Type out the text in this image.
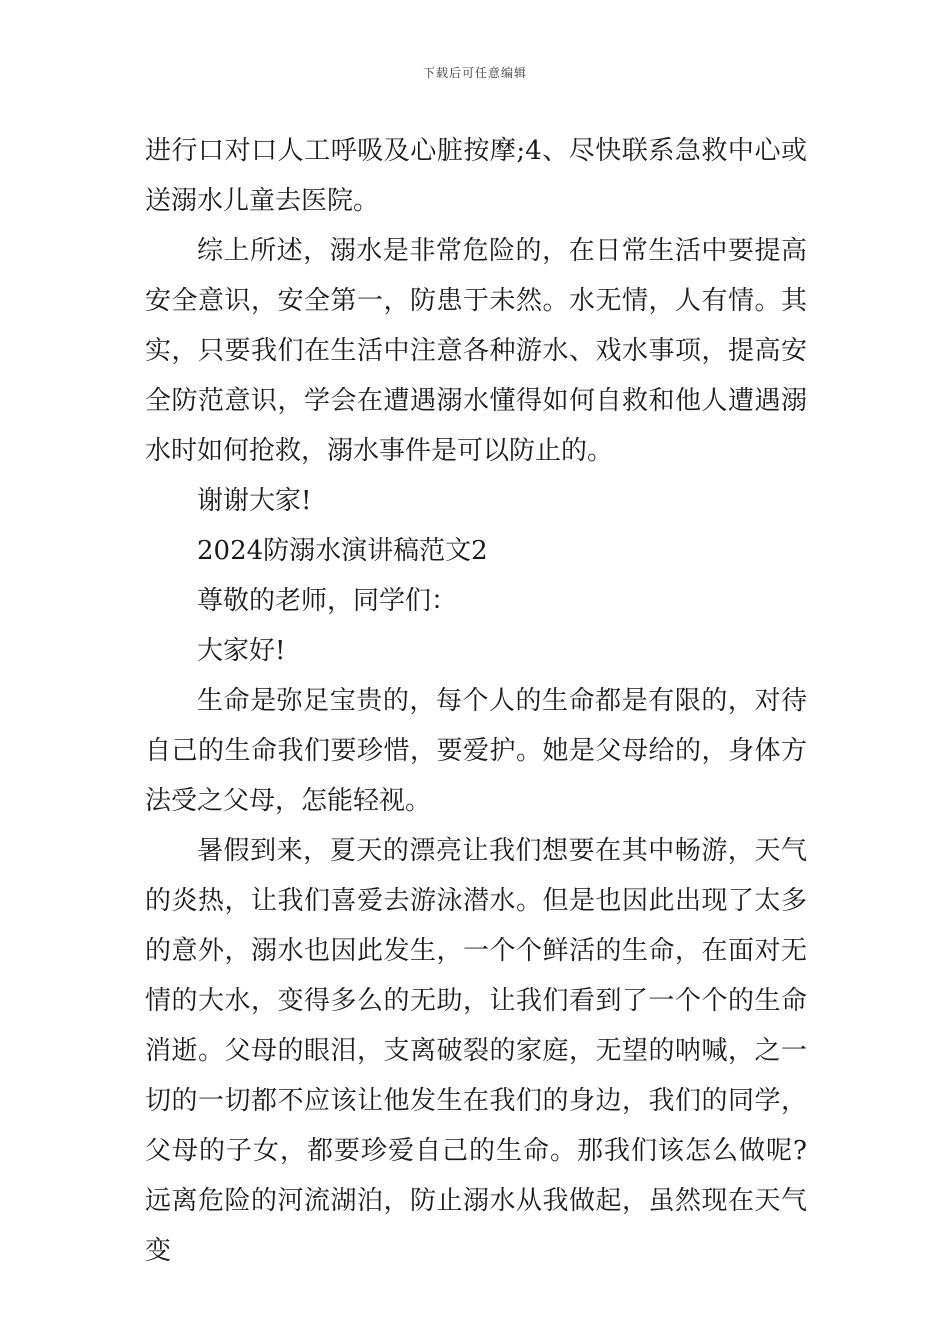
下载后可任意编辑

进行口对口人工呼吸及心脏按摩;4、尽快联系急救中心或送溺水儿童去医院。

综上所述，溺水是非常危险的，在日常生活中要提高安全意识，安全第一，防患于未然。水无情，人有情。其实，只要我们在生活中注意各种游水、戏水事项，提高安全防范意识，学会在遭遇溺水懂得如何自救和他人遭遇溺水时如何抢救，溺水事件是可以防止的。

谢谢大家!

2024防溺水演讲稿范文2

尊敬的老师，同学们：

大家好!

生命是弥足宝贵的，每个人的生命都是有限的，对待自己的生命我们要珍惜，要爱护。她是父母给的，身体方法受之父母，怎能轻视。

暑假到来，夏天的漂亮让我们想要在其中畅游，天气的炎热，让我们喜爱去游泳潜水。但是也因此出现了太多的意外，溺水也因此发生，一个个鲜活的生命，在面对无情的大水，变得多么的无助，让我们看到了一个个的生命消逝。父母的眼泪，支离破裂的家庭，无望的呐喊，之一切的一切都不应该让他发生在我们的身边，我们的同学，父母的子女，都要珍爱自己的生命。那我们该怎么做呢?远离危险的河流湖泊，防止溺水从我做起，虽然现在天气变
